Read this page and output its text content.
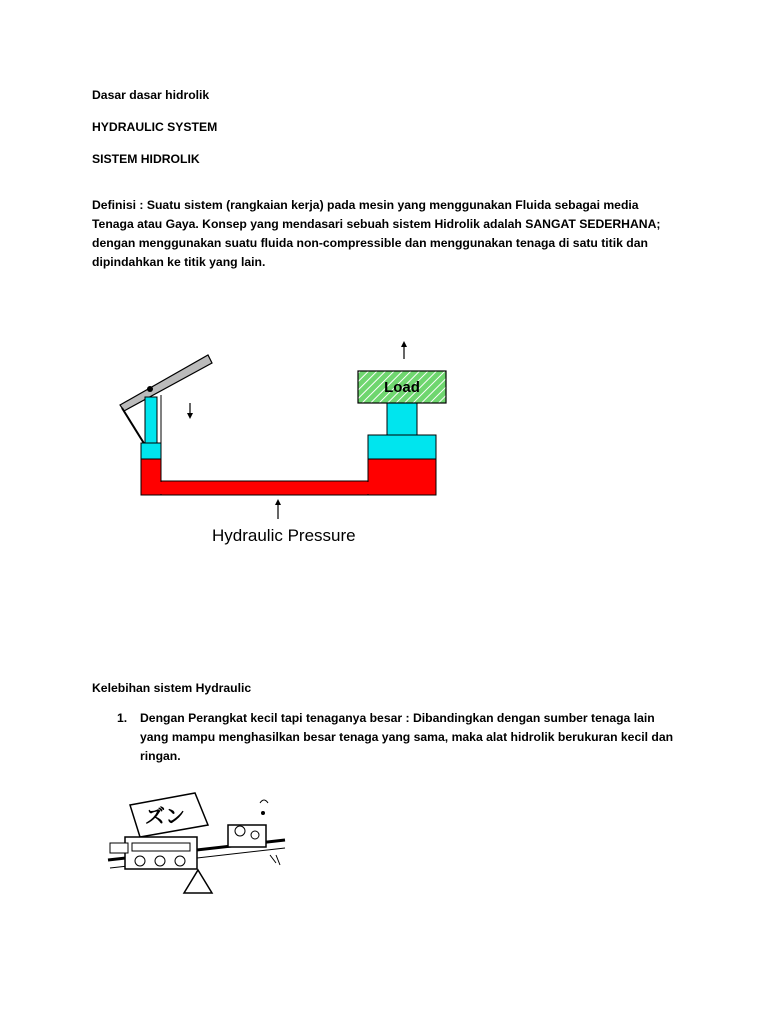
Dasar dasar hidrolik
HYDRAULIC SYSTEM
SISTEM HIDROLIK
Definisi : Suatu sistem (rangkaian kerja) pada mesin yang menggunakan Fluida sebagai media
Tenaga atau Gaya. Konsep yang mendasari sebuah sistem Hidrolik adalah SANGAT SEDERHANA;
dengan menggunakan suatu fluida non-compressible dan menggunakan tenaga di satu titik dan
dipindahkan ke titik yang lain.
Load
Hydraulic Pressure
Kelebihan sistem Hydraulic
1. Dengan Perangkat kecil tapi tenaganya besar : Dibandingkan dengan sumber tenaga lain
yang mampu menghasilkan besar tenaga yang sama, maka alat hidrolik berukuran kecil dan
ringan.
ズン
